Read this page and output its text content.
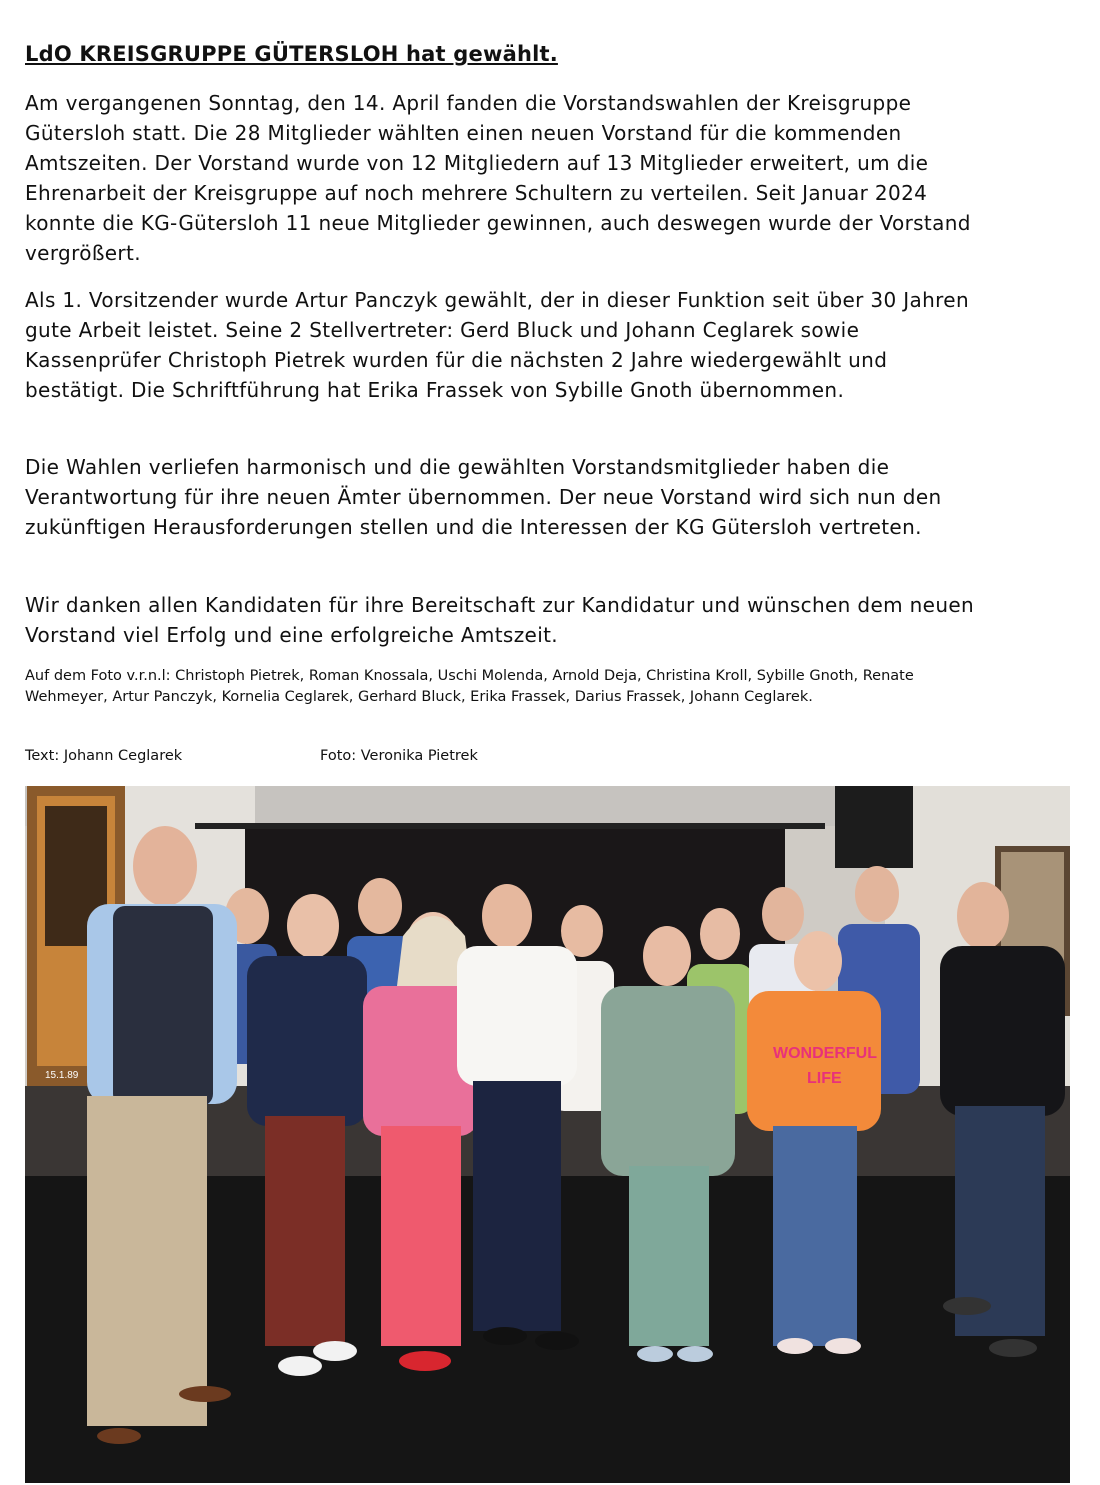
LdO KREISGRUPPE GÜTERSLOH hat gewählt.

Am vergangenen Sonntag, den 14. April fanden die Vorstandswahlen der Kreisgruppe Gütersloh statt. Die 28 Mitglieder wählten einen neuen Vorstand für die kommenden Amtszeiten. Der Vorstand wurde von 12 Mitgliedern auf 13 Mitglieder erweitert, um die Ehrenarbeit der Kreisgruppe auf noch mehrere Schultern zu verteilen. Seit Januar 2024 konnte die KG-Gütersloh 11 neue Mitglieder gewinnen, auch deswegen wurde der Vorstand vergrößert.

Als 1. Vorsitzender wurde Artur Panczyk gewählt, der in dieser Funktion seit über 30 Jahren gute Arbeit leistet. Seine 2 Stellvertreter: Gerd Bluck und Johann Ceglarek sowie Kassenprüfer Christoph Pietrek wurden für die nächsten 2 Jahre wiedergewählt und bestätigt. Die Schriftführung hat Erika Frassek von Sybille Gnoth übernommen.

Die Wahlen verliefen harmonisch und die gewählten Vorstandsmitglieder haben die Verantwortung für ihre neuen Ämter übernommen. Der neue Vorstand wird sich nun den zukünftigen Herausforderungen stellen und die Interessen der KG Gütersloh vertreten.

Wir danken allen Kandidaten für ihre Bereitschaft zur Kandidatur und wünschen dem neuen Vorstand viel Erfolg und eine erfolgreiche Amtszeit.

Auf dem Foto v.r.n.l: Christoph Pietrek, Roman Knossala, Uschi Molenda, Arnold Deja, Christina Kroll, Sybille Gnoth, Renate Wehmeyer, Artur Panczyk, Kornelia Ceglarek, Gerhard Bluck, Erika Frassek, Darius Frassek, Johann Ceglarek.

Text: Johann Ceglarek	Foto: Veronika Pietrek

15.1.89
WONDERFUL
LIFE
